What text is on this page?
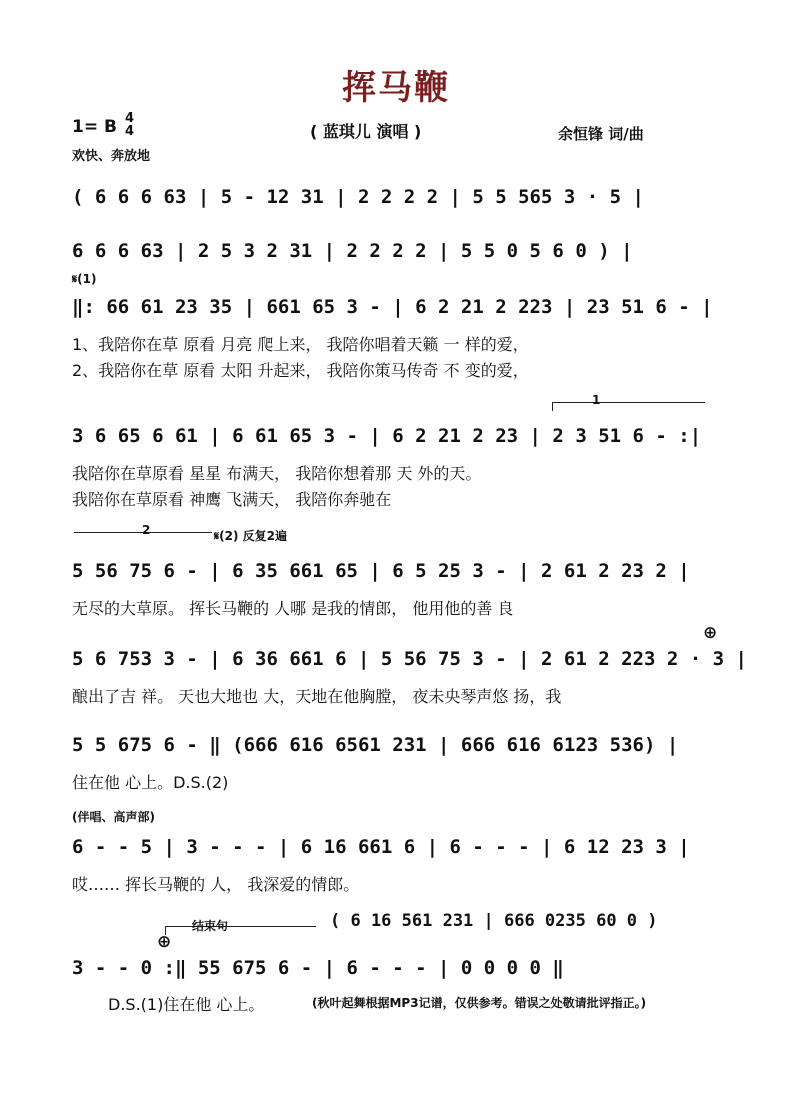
挥马鞭
1= B 4
4
欢快、奔放地
( 蓝琪儿 演唱 )	余恒锋 词/曲
( 6 6 6 63 | 5 - 12 31 | 2 2 2 2 | 5 5 565 3 · 5 |
6 6 6 63 | 2 5 3 2 31 | 2 2 2 2 | 5 5 0 5 6 0 ) |
𝄋(1)
‖: 66 61 23 35 | 661 65 3 - | 6 2 21 2 223 | 23 51 6 - |
1、我陪你在草 原看 月亮 爬上来， 我陪你唱着天籁 一 样的爱，
2、我陪你在草 原看 太阳 升起来， 我陪你策马传奇 不 变的爱，
1
3 6 65 6 61 | 6 61 65 3 - | 6 2 21 2 23 | 2 3 51 6 - :|
我陪你在草原看 星星 布满天， 我陪你想着那 天 外的天。
我陪你在草原看 神鹰 飞满天， 我陪你奔驰在
2	𝄋(2) 反复2遍
5 56 75 6 - | 6 35 661 65 | 6 5 25 3 - | 2 61 2 23 2 |
无尽的大草原。 挥长马鞭的 人哪 是我的情郎， 他用他的善 良
⊕
5 6 753 3 - | 6 36 661 6 | 5 56 75 3 - | 2 61 2 223 2 · 3 |
酿出了吉 祥。 天也大地也 大，天地在他胸膛， 夜未央琴声悠 扬，我
5 5 675 6 - ‖ (666 616 6561 231 | 666 616 6123 536) |
住在他 心上。D.S.(2)
(伴唱、高声部)
6 - - 5 | 3 - - - | 6 16 661 6 | 6 - - - | 6 12 23 3 |
哎…… 挥长马鞭的 人， 我深爱的情郎。
结束句	( 6 16 561 231 | 666 0235 60 0 )
⊕
3 - - 0 :‖ 55 675 6 - | 6 - - - | 0 0 0 0 ‖
D.S.(1)住在他 心上。	(秋叶起舞根据MP3记谱，仅供参考。错误之处敬请批评指正。)
